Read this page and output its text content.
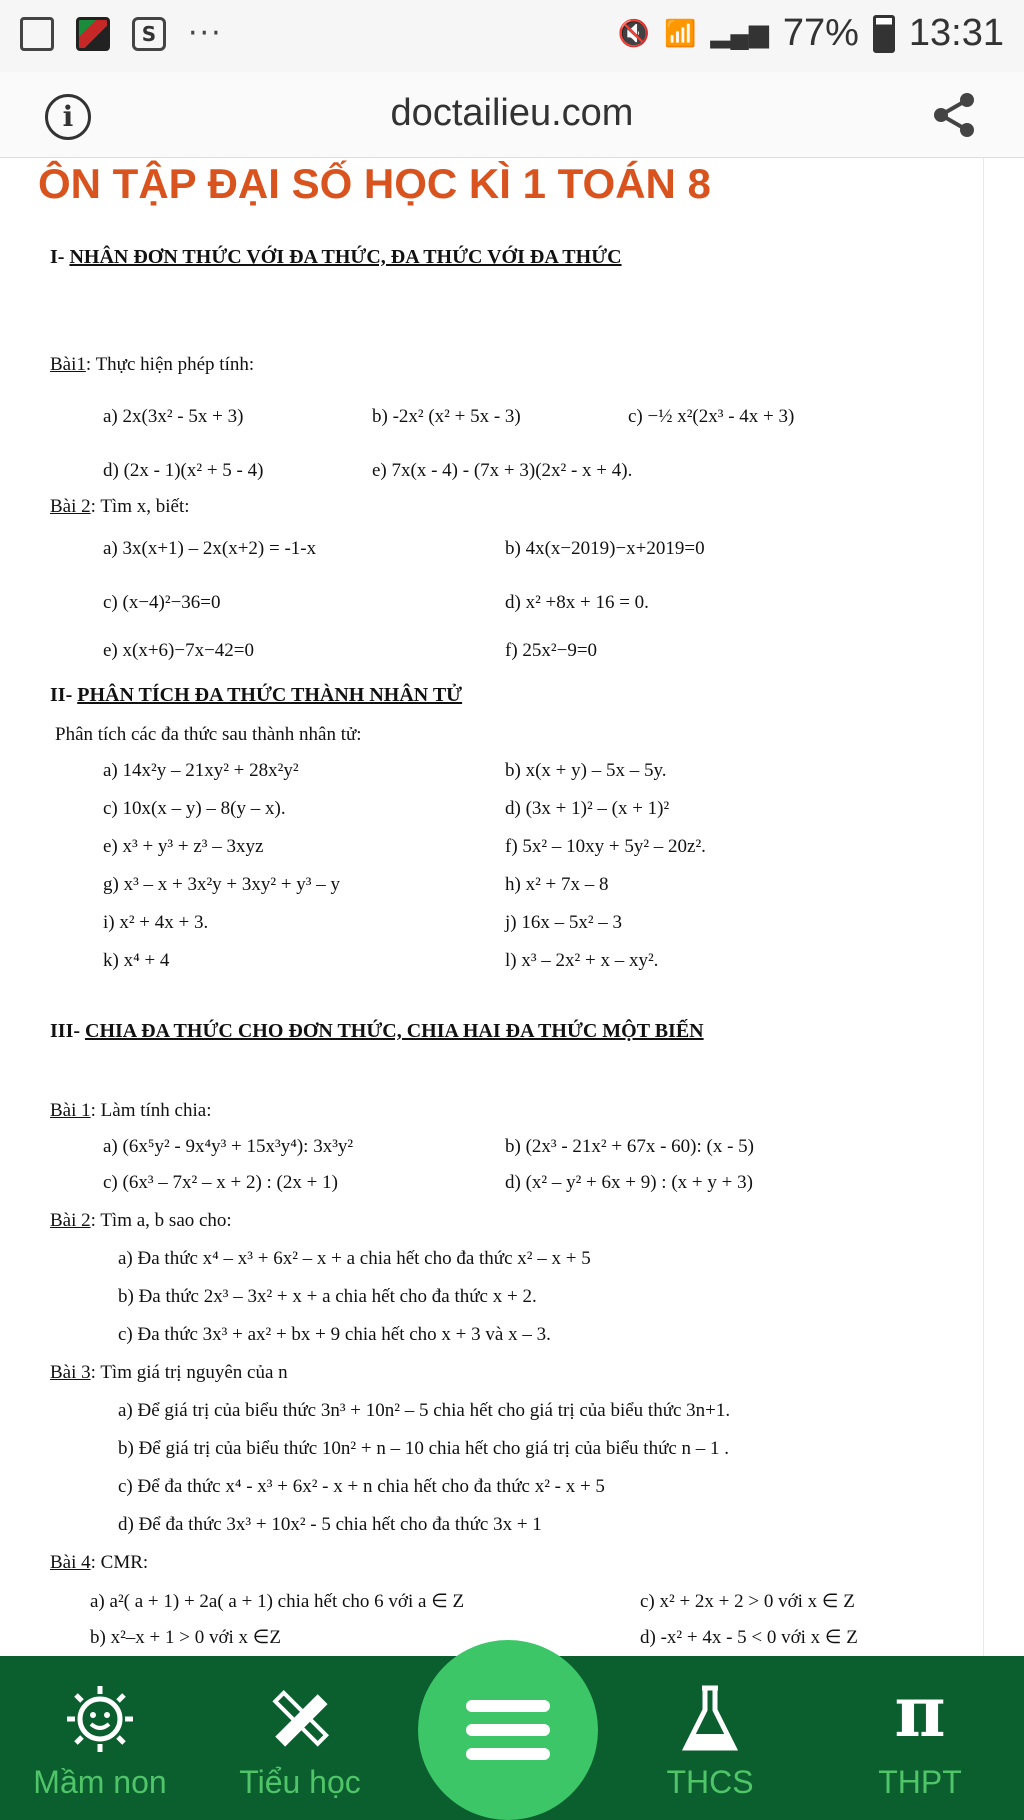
S	···	🔇 📶 ▂▄▆ 77% 13:31
i	doctailieu.com
ÔN TẬP ĐẠI SỐ HỌC KÌ 1 TOÁN 8
I- NHÂN ĐƠN THỨC VỚI ĐA THỨC, ĐA THỨC VỚI ĐA THỨC
Bài1: Thực hiện phép tính:
a) 2x(3x² - 5x + 3)	b) -2x² (x² + 5x - 3)	c) −½ x²(2x³ - 4x + 3)
d) (2x - 1)(x² + 5 - 4)	e) 7x(x - 4) - (7x + 3)(2x² - x + 4).
Bài 2: Tìm x, biết:
a) 3x(x+1) – 2x(x+2) = -1-x	b) 4x(x−2019)−x+2019=0
c) (x−4)²−36=0	d) x² +8x + 16 = 0.
e) x(x+6)−7x−42=0	f) 25x²−9=0
II- PHÂN TÍCH ĐA THỨC THÀNH NHÂN TỬ
Phân tích các đa thức sau thành nhân tử:
a) 14x²y – 21xy² + 28x²y²	b) x(x + y) – 5x – 5y.
c) 10x(x – y) – 8(y – x).	d) (3x + 1)² – (x + 1)²
e) x³ + y³ + z³ – 3xyz	f) 5x² – 10xy + 5y² – 20z².
g) x³ – x + 3x²y + 3xy² + y³ – y	h) x² + 7x – 8
i) x² + 4x + 3.	j) 16x – 5x² – 3
k) x⁴ + 4	l) x³ – 2x² + x – xy².
III- CHIA ĐA THỨC CHO ĐƠN THỨC, CHIA HAI ĐA THỨC MỘT BIẾN
Bài 1: Làm tính chia:
a) (6x⁵y² - 9x⁴y³ + 15x³y⁴): 3x³y²	b) (2x³ - 21x² + 67x - 60): (x - 5)
c) (6x³ – 7x² – x + 2) : (2x + 1)	d) (x² – y² + 6x + 9) : (x + y + 3)
Bài 2: Tìm a, b sao cho:
a) Đa thức x⁴ – x³ + 6x² – x + a chia hết cho đa thức x² – x + 5
b) Đa thức 2x³ – 3x² + x + a chia hết cho đa thức x + 2.
c) Đa thức 3x³ + ax² + bx + 9 chia hết cho x + 3 và x – 3.
Bài 3: Tìm giá trị nguyên của n
a) Để giá trị của biểu thức 3n³ + 10n² – 5 chia hết cho giá trị của biểu thức 3n+1.
b) Để giá trị của biểu thức 10n² + n – 10 chia hết cho giá trị của biểu thức n – 1 .
c) Để đa thức x⁴ - x³ + 6x² - x + n chia hết cho đa thức x² - x + 5
d) Để đa thức 3x³ + 10x² - 5 chia hết cho đa thức 3x + 1
Bài 4: CMR:
a) a²( a + 1) + 2a( a + 1) chia hết cho 6 với a ∈ Z	c) x² + 2x + 2 > 0 với x ∈ Z
b) x²–x + 1 > 0 với x ∈Z	d) -x² + 4x - 5 < 0 với x ∈ Z
Mầm non	Tiểu học	THCS
π
THPT
